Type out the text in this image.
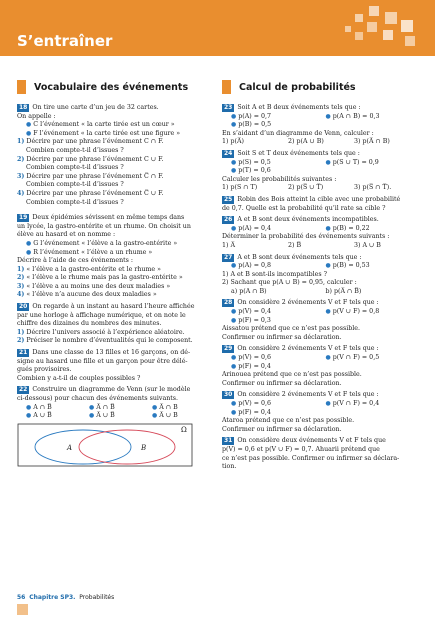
S’entraîner
Vocabulaire des événements
18 On tire une carte d’un jeu de 32 cartes.
On appelle :
● C l’événement « la carte tirée est un cœur »
● F l’événement « la carte tirée est une figure »
1) Décrire par une phrase l’événement C ∩ F.
Combien compte-t-il d’issues ?
2) Décrire par une phrase l’événement C ∪ F.
Combien compte-t-il d’issues ?
3) Décrire par une phrase l’événement C̅ ∩ F.
Combien compte-t-il d’issues ?
4) Décrire par une phrase l’événement C̅ ∪ F.
Combien compte-t-il d’issues ?
19 Deux épidémies sévissent en même temps dans
un lycée, la gastro-entérite et un rhume. On choisit un
élève au hasard et on nomme :
● G l’événement « l’élève a la gastro-entérite »
● R l’événement « l’élève a un rhume »
Décrire à l’aide de ces événements :
1) « l’élève a la gastro-entérite et le rhume »
2) « l’élève a le rhume mais pas la gastro-entérite »
3) « l’élève a au moins une des deux maladies »
4) « l’élève n’a aucune des deux maladies »
20 On regarde à un instant au hasard l’heure affichée
par une horloge à affichage numérique, et on note le
chiffre des dizaines du nombres des minutes.
1) Décrire l’univers associé à l’expérience aléatoire.
2) Préciser le nombre d’éventualités qui le composent.
21 Dans une classe de 13 filles et 16 garçons, on dé-
signe au hasard une fille et un garçon pour être délé-
gués provisoires.
Combien y a-t-il de couples possibles ?
22 Construire un diagramme de Venn (sur le modèle
ci-dessous) pour chacun des événements suivants.
● A ∩ B̅	● A̅ ∩ B̅	● A̅ ∩ B
● A ∪ B̅	● A̅ ∪ B̅	● A̅ ∪ B
A	B
Ω
Calcul de probabilités
23 Soit A et B deux événements tels que :
● p(A) = 0,7	● p(A ∩ B) = 0,3
● p(B) = 0,5
En s’aidant d’un diagramme de Venn, calculer :
1) p(A̅)	2) p(A ∪ B)	3) p(A̅ ∩ B)
24 Soit S et T deux événements tels que :
● p(S) = 0,5	● p(S ∪ T) = 0,9
● p(T) = 0,6
Calculer les probabilités suivantes :
1) p(S ∩ T)	2) p(S̅ ∪ T̅)	3) p(S̅ ∩ T̅).
25 Robin des Bois atteint la cible avec une probabilité
de 0,7. Quelle est la probabilité qu’il rate sa cible ?
26 A et B sont deux événements incompatibles.
● p(A) = 0,4	● p(B) = 0,22
Déterminer la probabilité des événements suivants :
1) A̅	2) B̅	3) A ∪ B
27 A et B sont deux événements tels que :
● p(A) = 0,8	● p(B) = 0,53
1) A et B sont-ils incompatibles ?
2) Sachant que p(A ∪ B) = 0,95, calculer :
a) p(A ∩ B)	b) p(A̅ ∩ B̅)
28 On considère 2 événements V et F tels que :
● p(V) = 0,4	● p(V ∪ F) = 0,8
● p(F) = 0,3
Aissatou prétend que ce n’est pas possible.
Confirmer ou infirmer sa déclaration.
29 On considère 2 événements V et F tels que :
● p(V) = 0,6	● p(V ∩ F) = 0,5
● p(F) = 0,4
Arinouea prétend que ce n’est pas possible.
Confirmer ou infirmer sa déclaration.
30 On considère 2 événements V et F tels que :
● p(V) = 0,6	● p(V ∩ F) = 0,4
● p(F) = 0,4
Ataroa prétend que ce n’est pas possible.
Confirmer ou infirmer sa déclaration.
31 On considère deux événements V et F tels que
p(V) = 0,6 et p(V ∪ F) = 0,7. Ahuarii prétend que
ce n’est pas possible. Confirmer ou infirmer sa déclara-
tion.
56 Chapitre SP3. Probabilités
